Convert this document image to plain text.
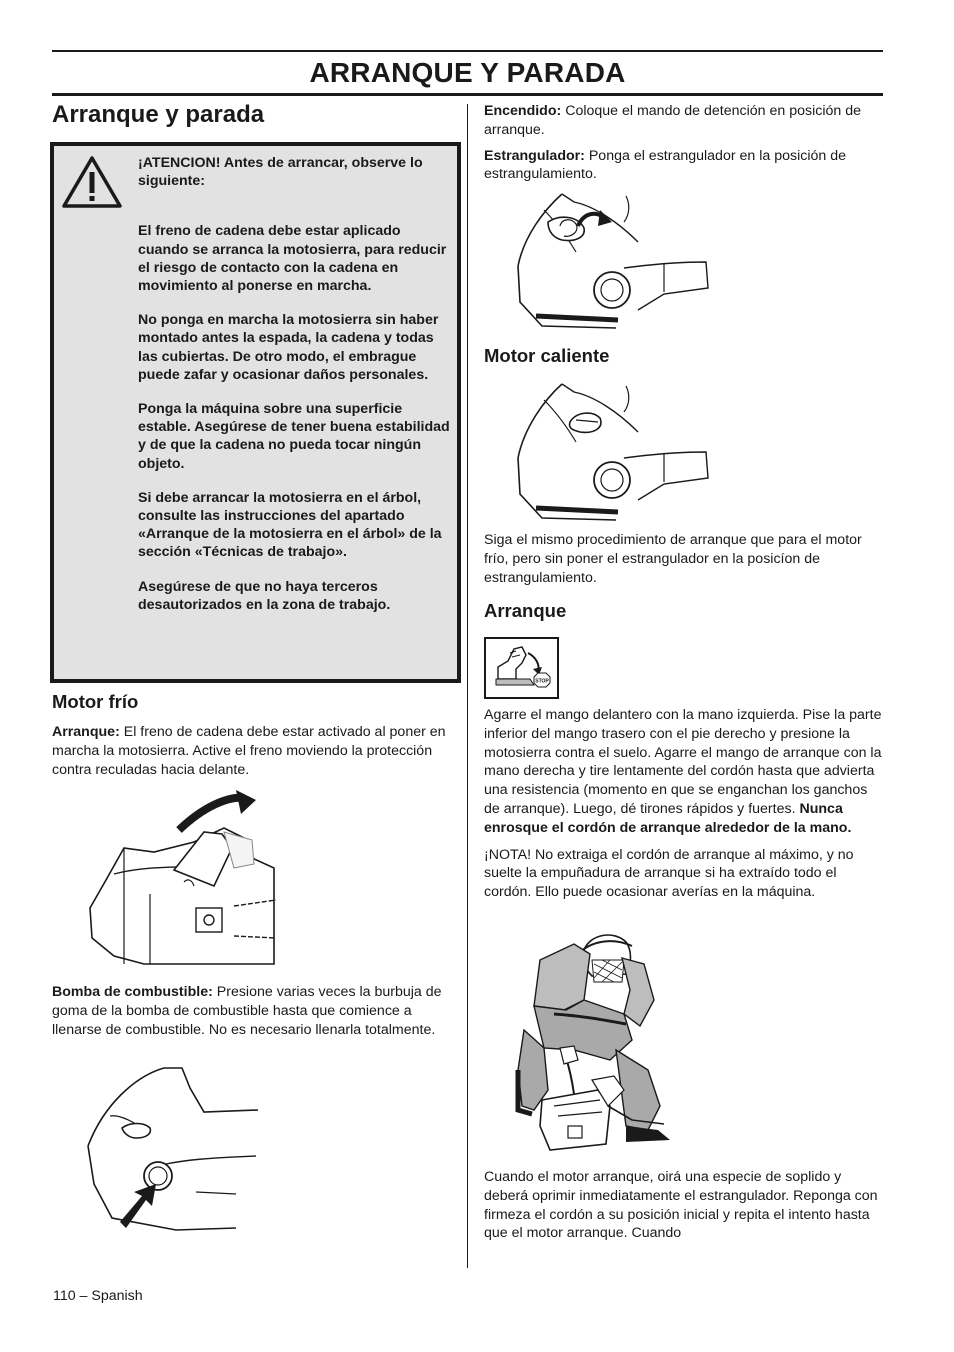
ARRANQUE Y PARADA
Arranque y parada

¡ATENCION! Antes de arrancar, observe lo siguiente:

El freno de cadena debe estar aplicado cuando se arranca la motosierra, para reducir el riesgo de contacto con la cadena en movimiento al ponerse en marcha.

No ponga en marcha la motosierra sin haber montado antes la espada, la cadena y todas las cubiertas. De otro modo, el embrague puede zafar y ocasionar daños personales.

Ponga la máquina sobre una superficie estable. Asegúrese de tener buena estabilidad y de que la cadena no pueda tocar ningún objeto.

Si debe arrancar la motosierra en el árbol, consulte las instrucciones del apartado «Arranque de la motosierra en el árbol» de la sección «Técnicas de trabajo».

Asegúrese de que no haya terceros desautorizados en la zona de trabajo.

Motor frío

Arranque: El freno de cadena debe estar activado al poner en marcha la motosierra. Active el freno moviendo la protección contra reculadas hacia delante.

Bomba de combustible: Presione varias veces la burbuja de goma de la bomba de combustible hasta que comience a llenarse de combustible. No es necesario llenarla totalmente.

Encendido: Coloque el mando de detención en posición de arranque.

Estrangulador: Ponga el estrangulador en la posición de estrangulamiento.

Motor caliente

Siga el mismo procedimiento de arranque que para el motor frío, pero sin poner el estrangulador en la posicíon de estrangulamiento.

Arranque
STOP

Agarre el mango delantero con la mano izquierda. Pise la parte inferior del mango trasero con el pie derecho y presione la motosierra contra el suelo. Agarre el mango de arranque con la mano derecha y tire lentamente del cordón hasta que advierta una resistencia (momento en que se enganchan los ganchos de arranque). Luego, dé tirones rápidos y fuertes. Nunca enrosque el cordón de arranque alrededor de la mano.

¡NOTA! No extraiga el cordón de arranque al máximo, y no suelte la empuñadura de arranque si ha extraído todo el cordón. Ello puede ocasionar averías en la máquina.

Cuando el motor arranque, oirá una especie de soplido y deberá oprimir inmediatamente el estrangulador. Reponga con firmeza el cordón a su posición inicial y repita el intento hasta que el motor arranque. Cuando

110 – Spanish
